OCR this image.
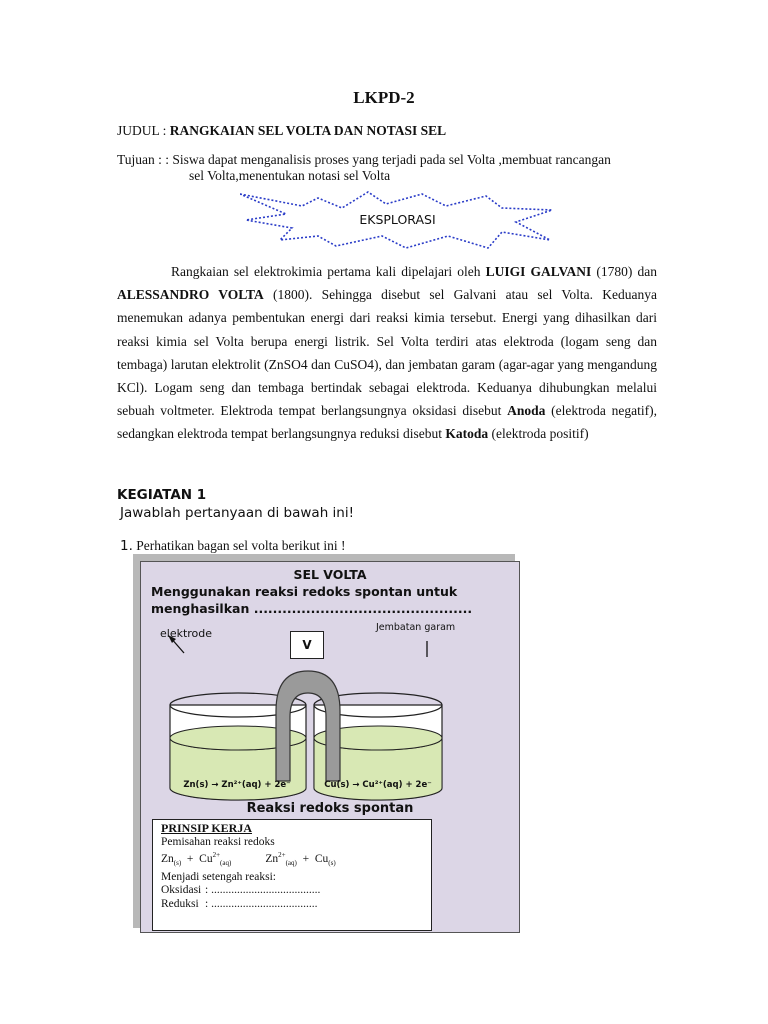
LKPD-2
JUDUL : RANGKAIAN SEL VOLTA DAN NOTASI SEL
Tujuan : : Siswa dapat menganalisis proses yang terjadi pada sel Volta ,membuat rancangan
sel Volta,menentukan notasi sel Volta
EKSPLORASI
Rangkaian sel elektrokimia pertama kali dipelajari oleh LUIGI GALVANI (1780) dan ALESSANDRO VOLTA (1800). Sehingga disebut sel Galvani atau sel Volta. Keduanya menemukan adanya pembentukan energi dari reaksi kimia tersebut. Energi yang dihasilkan dari reaksi kimia sel Volta berupa energi listrik. Sel Volta terdiri atas elektroda (logam seng dan tembaga) larutan elektrolit (ZnSO4 dan CuSO4), dan jembatan garam (agar-agar yang mengandung KCl). Logam seng dan tembaga bertindak sebagai elektroda. Keduanya dihubungkan melalui sebuah voltmeter. Elektroda tempat berlangsungnya oksidasi disebut Anoda (elektroda negatif), sedangkan elektroda tempat berlangsungnya reduksi disebut Katoda (elektroda positif)
KEGIATAN 1
Jawablah pertanyaan di bawah ini!
1. Perhatikan bagan sel volta berikut ini !
SEL VOLTA
Menggunakan reaksi redoks spontan untuk menghasilkan ..............................................
elektrode	Jembatan garam
V
Zn(s) → Zn²⁺(aq) + 2e⁻	Cu(s) → Cu²⁺(aq) + 2e⁻
Reaksi redoks spontan
PRINSIP KERJA
Pemisahan reaksi redoks
$Zn_{(s)} + Cu^{2+}_{(aq)}$	$Zn^{2+}_{(aq)} + Cu_{(s)}$
Menjadi setengah reaksi:
Oksidasi : ......................................
Reduksi : .....................................
